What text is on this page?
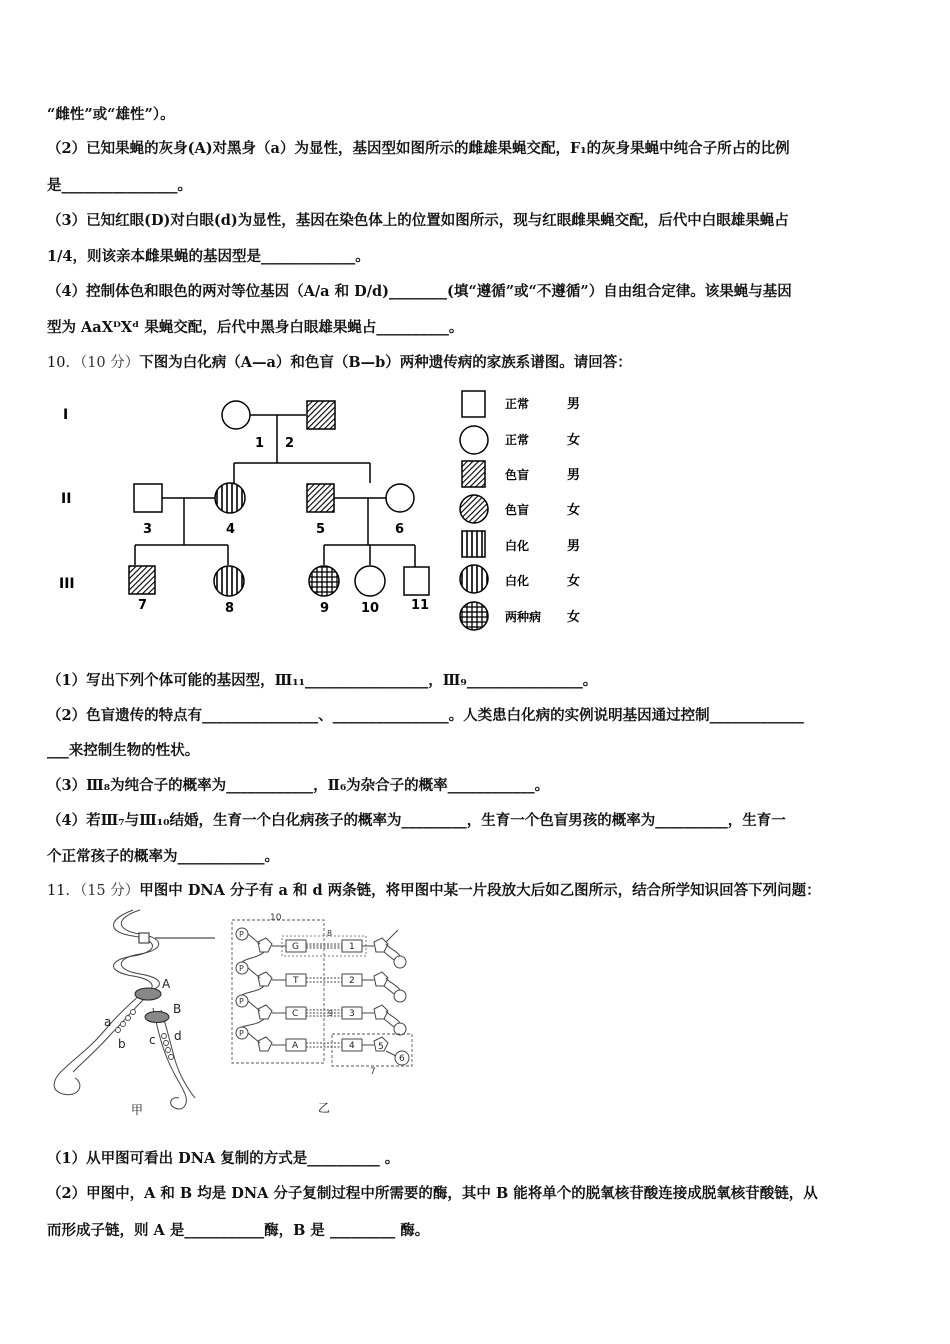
“雌性”或“雄性”）。
（2）已知果蝇的灰身(A)对黑身（a）为显性，基因型如图所示的雌雄果蝇交配，F₁的灰身果蝇中纯合子所占的比例
是________________。
（3）已知红眼(D)对白眼(d)为显性，基因在染色体上的位置如图所示，现与红眼雌果蝇交配，后代中白眼雄果蝇占
1/4，则该亲本雌果蝇的基因型是_____________。
（4）控制体色和眼色的两对等位基因（A/a 和 D/d)________(填“遵循”或“不遵循”）自由组合定律。该果蝇与基因
型为 AaXᴰXᵈ 果蝇交配，后代中黑身白眼雄果蝇占__________。
10．（10 分）下图为白化病（A—a）和色盲（B—b）两种遗传病的家族系谱图。请回答：
I
II
III
1 2
3	4	5	6
7	8	9 10 11
正常	男
正常	女
色盲	男
色盲	女
白化	男
白化	女
两种病 女
（1）写出下列个体可能的基因型，Ⅲ₁₁_________________，Ⅲ₉________________。
（2）色盲遗传的特点有________________、________________。人类患白化病的实例说明基因通过控制_____________
___来控制生物的性状。
（3）Ⅲ₈为纯合子的概率为____________，Ⅱ₆为杂合子的概率____________。
（4）若Ⅲ₇与Ⅲ₁₀结婚，生育一个白化病孩子的概率为_________，生育一个色盲男孩的概率为__________，生育一
个正常孩子的概率为____________。
11．（15 分）甲图中 DNA 分子有 a 和 d 两条链，将甲图中某一片段放大后如乙图所示，结合所学知识回答下列问题：
A
B
a
b c d
甲
10
P
P
P
P
8
9
G
T
C
A
1
2
3
4	5
6
7
乙
（1）从甲图可看出 DNA 复制的方式是__________ 。
（2）甲图中，A 和 B 均是 DNA 分子复制过程中所需要的酶，其中 B 能将单个的脱氧核苷酸连接成脱氧核苷酸链，从
而形成子链，则 A 是___________酶，B 是 _________ 酶。
